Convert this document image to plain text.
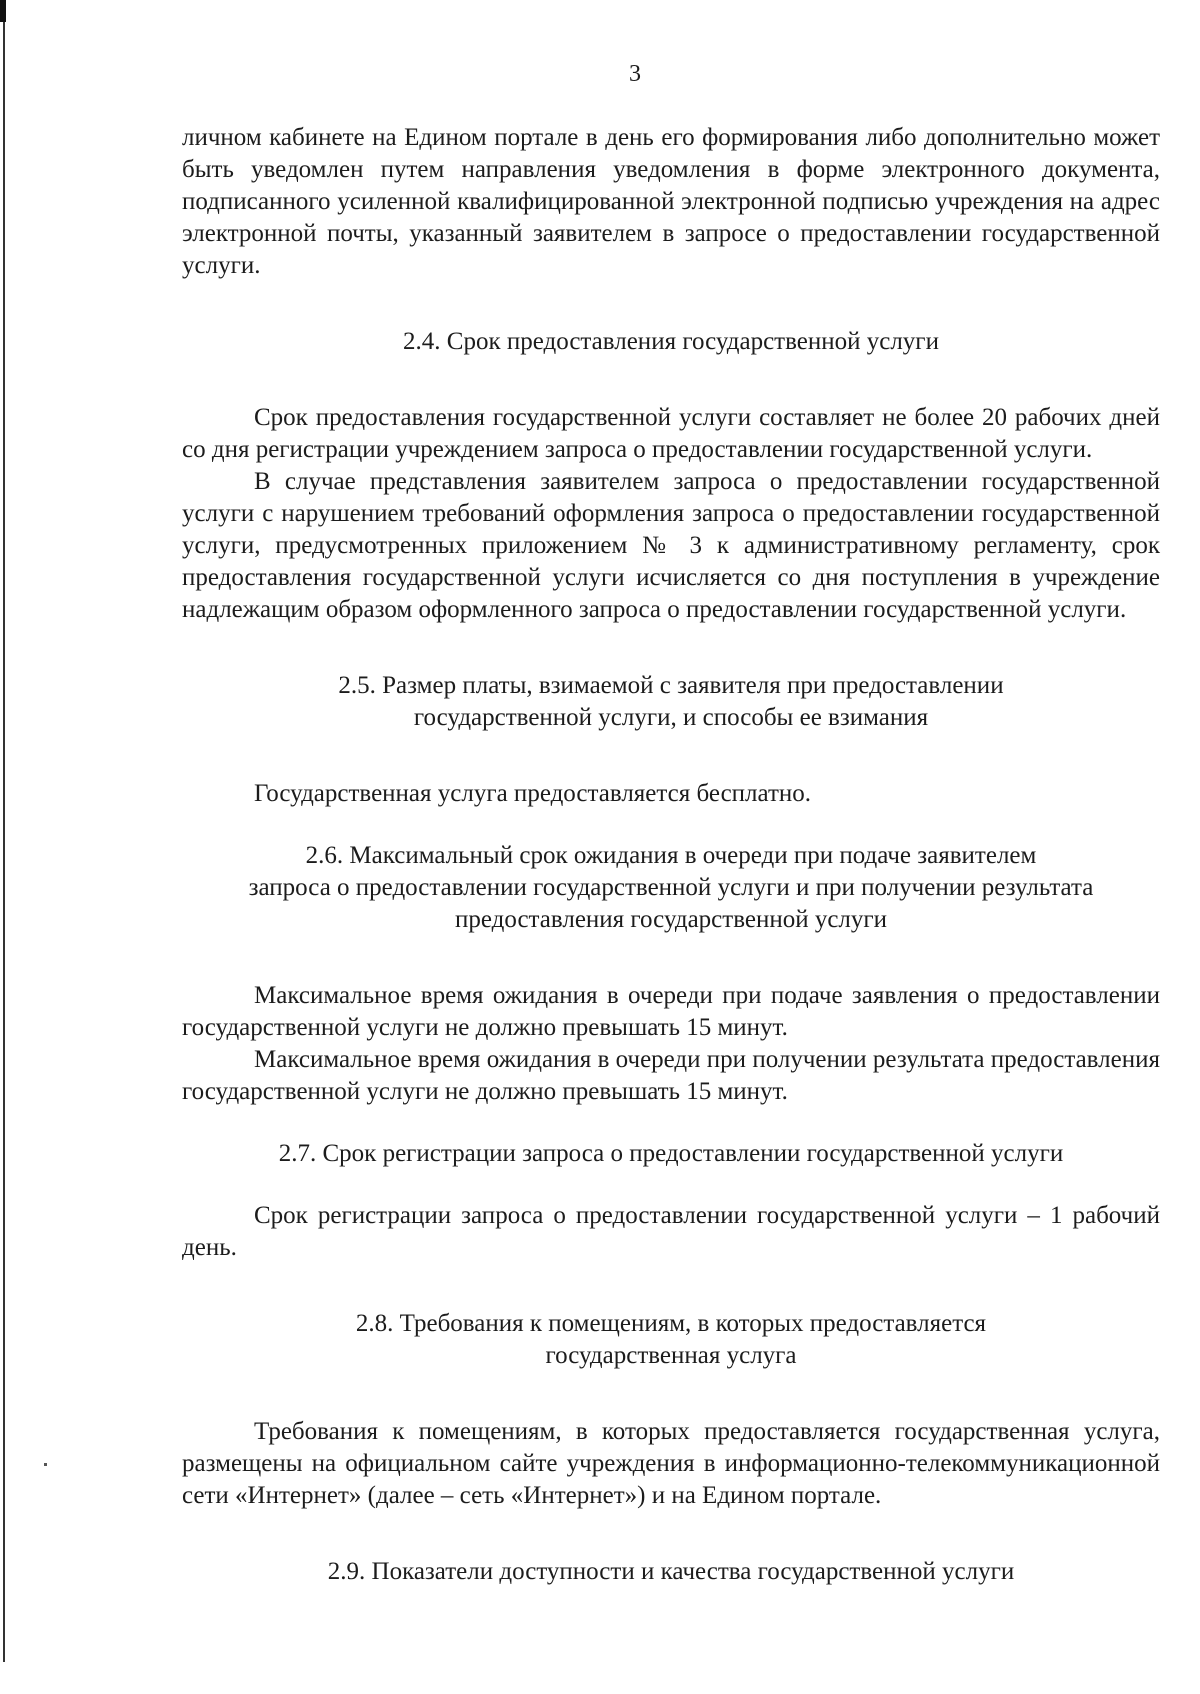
3

личном кабинете на Едином портале в день его формирования либо дополнительно может быть уведомлен путем направления уведомления в форме электронного документа, подписанного усиленной квалифицированной электронной подписью учреждения на адрес электронной почты, указанный заявителем в запросе о предоставлении государственной услуги.

2.4. Срок предоставления государственной услуги

Срок предоставления государственной услуги составляет не более 20 рабочих дней со дня регистрации учреждением запроса о предоставлении государственной услуги.

В случае представления заявителем запроса о предоставлении государственной услуги с нарушением требований оформления запроса о предоставлении государственной услуги, предусмотренных приложением № 3 к административному регламенту, срок предоставления государственной услуги исчисляется со дня поступления в учреждение надлежащим образом оформленного запроса о предоставлении государственной услуги.

2.5. Размер платы, взимаемой с заявителя при предоставлении
государственной услуги, и способы ее взимания

Государственная услуга предоставляется бесплатно.

2.6. Максимальный срок ожидания в очереди при подаче заявителем
запроса о предоставлении государственной услуги и при получении результата
предоставления государственной услуги

Максимальное время ожидания в очереди при подаче заявления о предоставлении государственной услуги не должно превышать 15 минут.

Максимальное время ожидания в очереди при получении результата предоставления государственной услуги не должно превышать 15 минут.

2.7. Срок регистрации запроса о предоставлении государственной услуги

Срок регистрации запроса о предоставлении государственной услуги – 1 рабочий день.

2.8. Требования к помещениям, в которых предоставляется
государственная услуга

Требования к помещениям, в которых предоставляется государственная услуга, размещены на официальном сайте учреждения в информационно-телекоммуникационной сети «Интернет» (далее – сеть «Интернет») и на Едином портале.

2.9. Показатели доступности и качества государственной услуги
